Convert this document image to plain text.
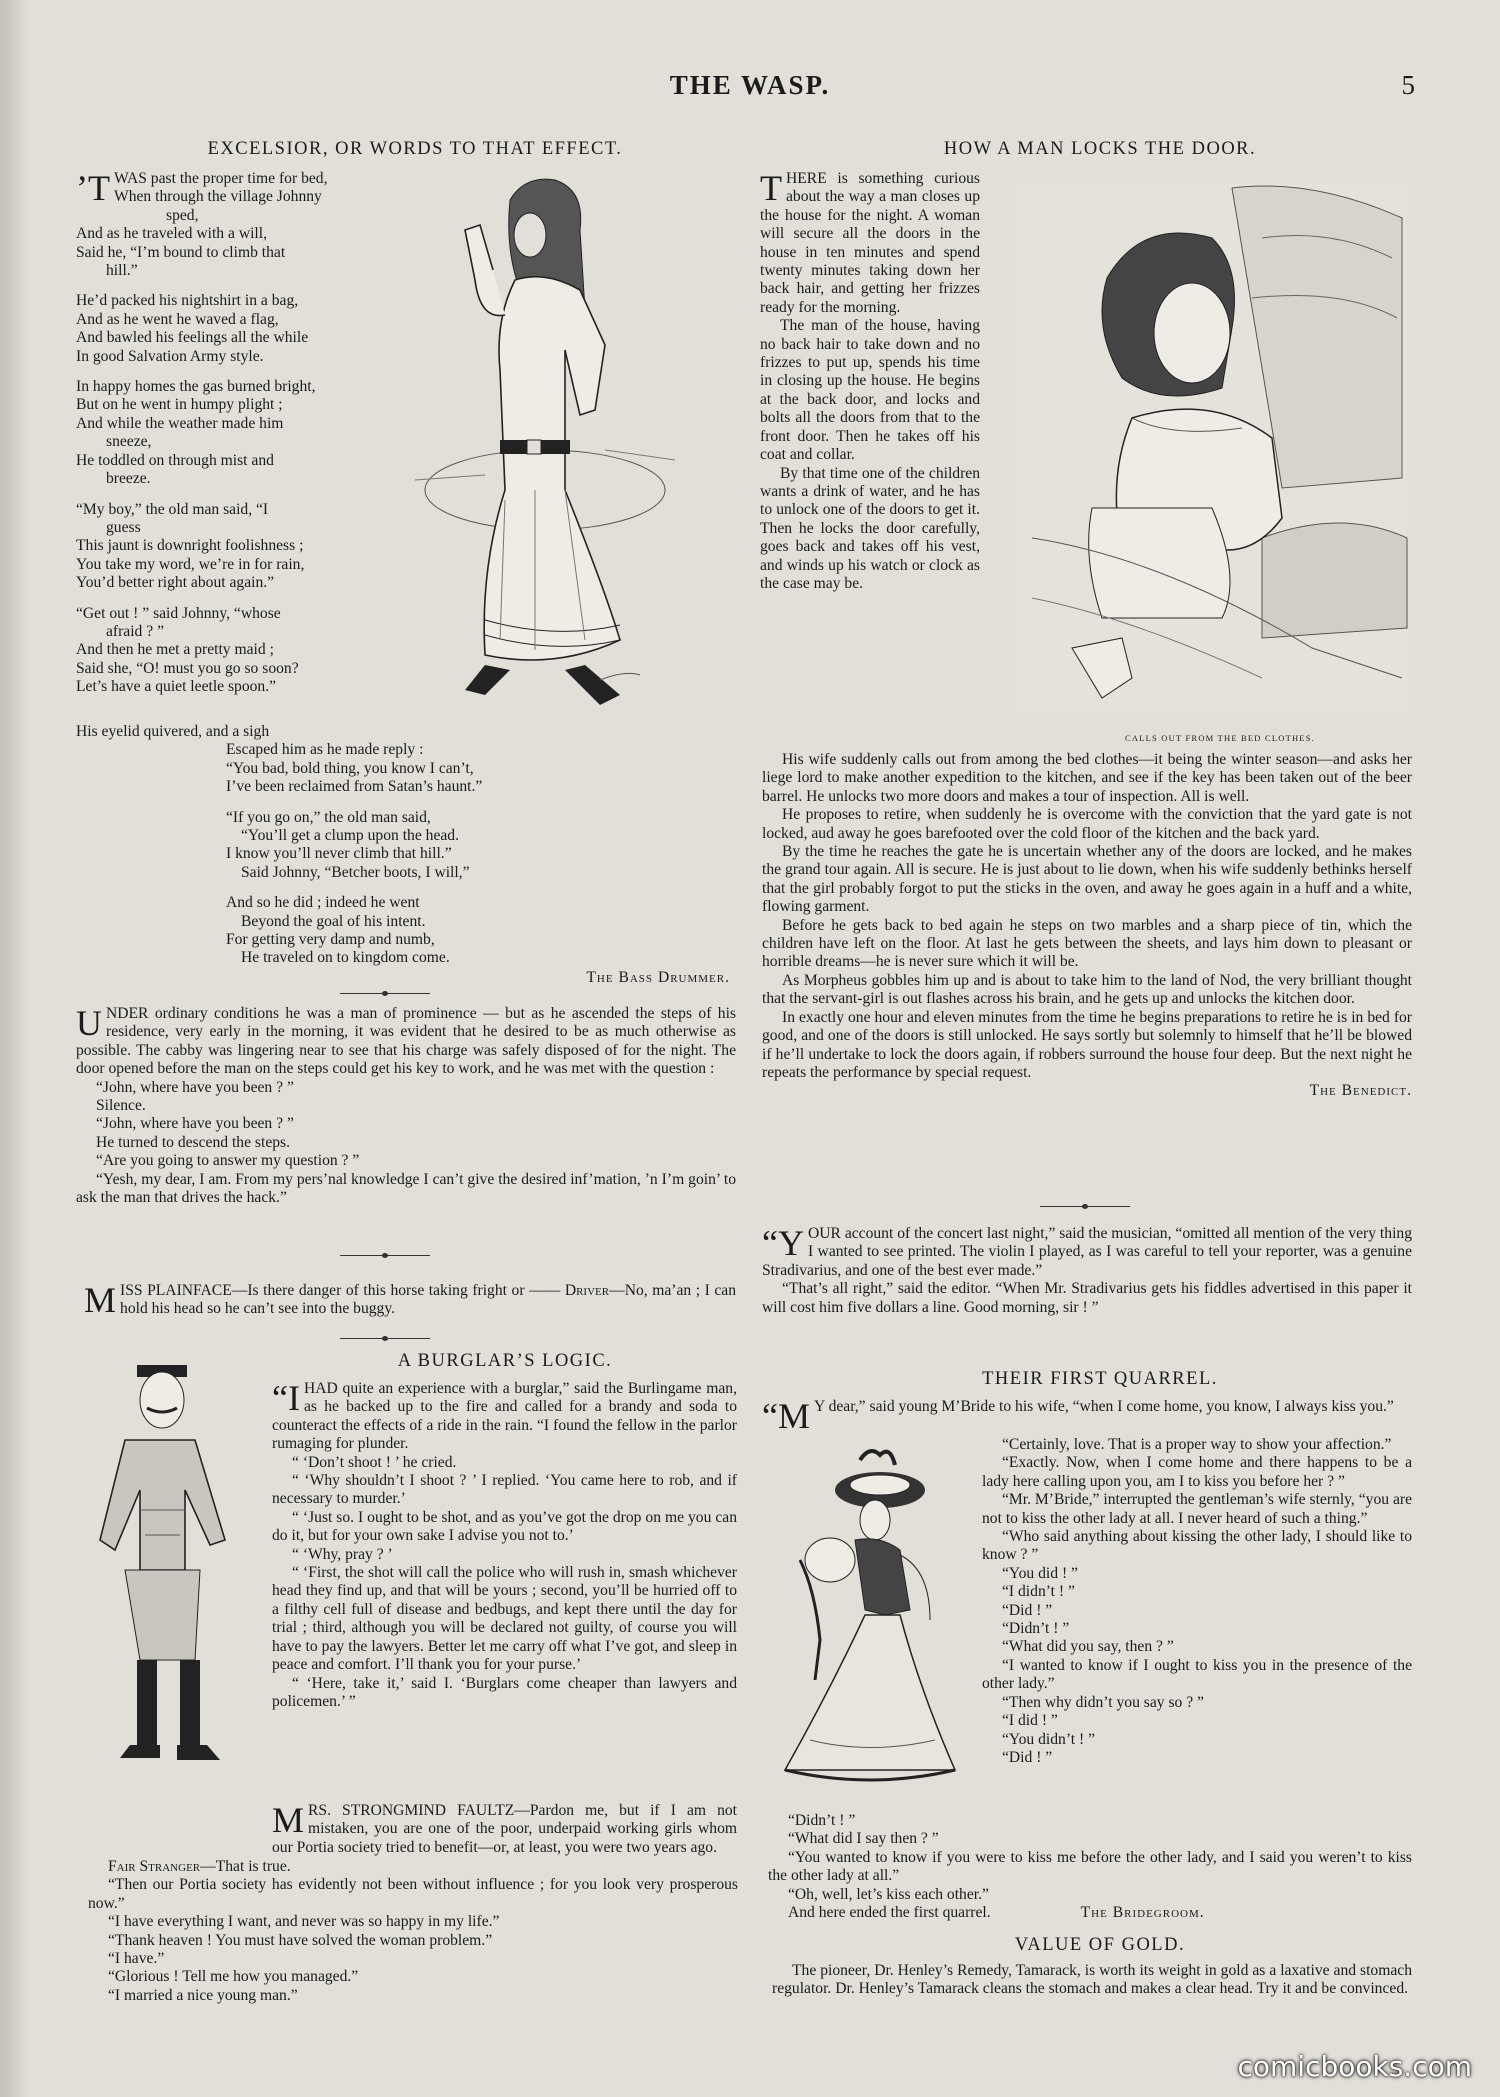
THE WASP.	5
EXCELSIOR, OR WORDS TO THAT EFFECT.

’T WAS past the proper time for bed,

When through the village Johnny

sped,

And as he traveled with a will,

Said he, “I’m bound to climb that

hill.”

He’d packed his nightshirt in a bag,

And as he went he waved a flag,

And bawled his feelings all the while

In good Salvation Army style.

In happy homes the gas burned bright,

But on he went in humpy plight ;

And while the weather made him

sneeze,

He toddled on through mist and

breeze.

“My boy,” the old man said, “I

guess

This jaunt is downright foolishness ;

You take my word, we’re in for rain,

You’d better right about again.”

“Get out ! ” said Johnny, “whose

afraid ? ”

And then he met a pretty maid ;

Said she, “O! must you go so soon?

Let’s have a quiet leetle spoon.”

His eyelid quivered, and a sigh

Escaped him as he made reply :

“You bad, bold thing, you know I can’t,

I’ve been reclaimed from Satan’s haunt.”

“If you go on,” the old man said,

“You’ll get a clump upon the head.

I know you’ll never climb that hill.”

Said Johnny, “Betcher boots, I will,”

And so he did ; indeed he went

Beyond the goal of his intent.

For getting very damp and numb,

He traveled on to kingdom come.

The Bass Drummer.

UNDER ordinary conditions he was a man of prominence — but as he ascended the steps of his residence, very early in the morning, it was evident that he desired to be as much otherwise as possible. The cabby was lingering near to see that his charge was safely disposed of for the night. The door opened before the man on the steps could get his key to work, and he was met with the question :

“John, where have you been ? ”

Silence.

“John, where have you been ? ”

He turned to descend the steps.

“Are you going to answer my question ? ”

“Yesh, my dear, I am. From my pers’nal knowledge I can’t give the desired inf’mation, ’n I’m goin’ to ask the man that drives the hack.”

MISS PLAINFACE—Is there danger of this horse taking fright or —— Driver—No, ma’an ; I can hold his head so he can’t see into the buggy.

A BURGLAR’S LOGIC.

“IHAD quite an experience with a burglar,” said the Burlingame man, as he backed up to the fire and called for a brandy and soda to counteract the effects of a ride in the rain. “I found the fellow in the parlor rumaging for plunder.

“ ‘Don’t shoot ! ’ he cried.

“ ‘Why shouldn’t I shoot ? ’ I replied. ‘You came here to rob, and if necessary to murder.’

“ ‘Just so. I ought to be shot, and as you’ve got the drop on me you can do it, but for your own sake I advise you not to.’

“ ‘Why, pray ? ’

“ ‘First, the shot will call the police who will rush in, smash whichever head they find up, and that will be yours ; second, you’ll be hurried off to a filthy cell full of disease and bedbugs, and kept there until the day for trial ; third, although you will be declared not guilty, of course you will have to pay the lawyers. Better let me carry off what I’ve got, and sleep in peace and comfort. I’ll thank you for your purse.’

“ ‘Here, take it,’ said I. ‘Burglars come cheaper than lawyers and policemen.’ ”

MRS. STRONGMIND FAULTZ—Pardon me, but if I am not mistaken, you are one of the poor, underpaid working girls whom our Portia society tried to benefit—or, at least, you were two years ago.

Fair Stranger—That is true.

“Then our Portia society has evidently not been without influence ; for you look very prosperous now.”

“I have everything I want, and never was so happy in my life.”

“Thank heaven ! You must have solved the woman problem.”

“I have.”

“Glorious ! Tell me how you managed.”

“I married a nice young man.”

HOW A MAN LOCKS THE DOOR.

THERE is something curious about the way a man closes up the house for the night. A woman will secure all the doors in the house in ten minutes and spend twenty minutes taking down her back hair, and getting her frizzes ready for the morning.

The man of the house, having no back hair to take down and no frizzes to put up, spends his time in closing up the house. He begins at the back door, and locks and bolts all the doors from that to the front door. Then he takes off his coat and collar.

By that time one of the children wants a drink of water, and he has to unlock one of the doors to get it. Then he locks the door carefully, goes back and takes off his vest, and winds up his watch or clock as the case may be.

CALLS OUT FROM THE BED CLOTHES.

His wife suddenly calls out from among the bed clothes—it being the winter season—and asks her liege lord to make another expedition to the kitchen, and see if the key has been taken out of the beer barrel. He unlocks two more doors and makes a tour of inspection. All is well.

He proposes to retire, when suddenly he is overcome with the conviction that the yard gate is not locked, aud away he goes barefooted over the cold floor of the kitchen and the back yard.

By the time he reaches the gate he is uncertain whether any of the doors are locked, and he makes the grand tour again. All is secure. He is just about to lie down, when his wife suddenly bethinks herself that the girl probably forgot to put the sticks in the oven, and away he goes again in a huff and a white, flowing garment.

Before he gets back to bed again he steps on two marbles and a sharp piece of tin, which the children have left on the floor. At last he gets between the sheets, and lays him down to pleasant or horrible dreams—he is never sure which it will be.

As Morpheus gobbles him up and is about to take him to the land of Nod, the very brilliant thought that the servant-girl is out flashes across his brain, and he gets up and unlocks the kitchen door.

In exactly one hour and eleven minutes from the time he begins preparations to retire he is in bed for good, and one of the doors is still unlocked. He says sortly but solemnly to himself that he’ll be blowed if he’ll undertake to lock the doors again, if robbers surround the house four deep. But the next night he repeats the performance by special request.

The Benedict.

“YOUR account of the concert last night,” said the musician, “omitted all mention of the very thing I wanted to see printed. The violin I played, as I was careful to tell your reporter, was a genuine Stradivarius, and one of the best ever made.”

“That’s all right,” said the editor. “When Mr. Stradivarius gets his fiddles advertised in this paper it will cost him five dollars a line. Good morning, sir ! ”

THEIR FIRST QUARREL.

“M Y dear,” said young M’Bride to his wife, “when I come home, you know, I always kiss you.”

“Certainly, love. That is a proper way to show your affection.”

“Exactly. Now, when I come home and there happens to be a lady here calling upon you, am I to kiss you before her ? ”

“Mr. M’Bride,” interrupted the gentleman’s wife sternly, “you are not to kiss the other lady at all. I never heard of such a thing.”

“Who said anything about kissing the other lady, I should like to know ? ”

“You did ! ”

“I didn’t ! ”

“Did ! ”

“Didn’t ! ”

“What did you say, then ? ”

“I wanted to know if I ought to kiss you in the presence of the other lady.”

“Then why didn’t you say so ? ”

“I did ! ”

“You didn’t ! ”

“Did ! ”

“Didn’t ! ”

“What did I say then ? ”

“You wanted to know if you were to kiss me before the other lady, and I said you weren’t to kiss the other lady at all.”

“Oh, well, let’s kiss each other.”

And here ended the first quarrel.	The Bridegroom.

VALUE OF GOLD.

The pioneer, Dr. Henley’s Remedy, Tamarack, is worth its weight in gold as a laxative and stomach regulator. Dr. Henley’s Tamarack cleans the stomach and makes a clear head. Try it and be convinced.

comicbooks.com
